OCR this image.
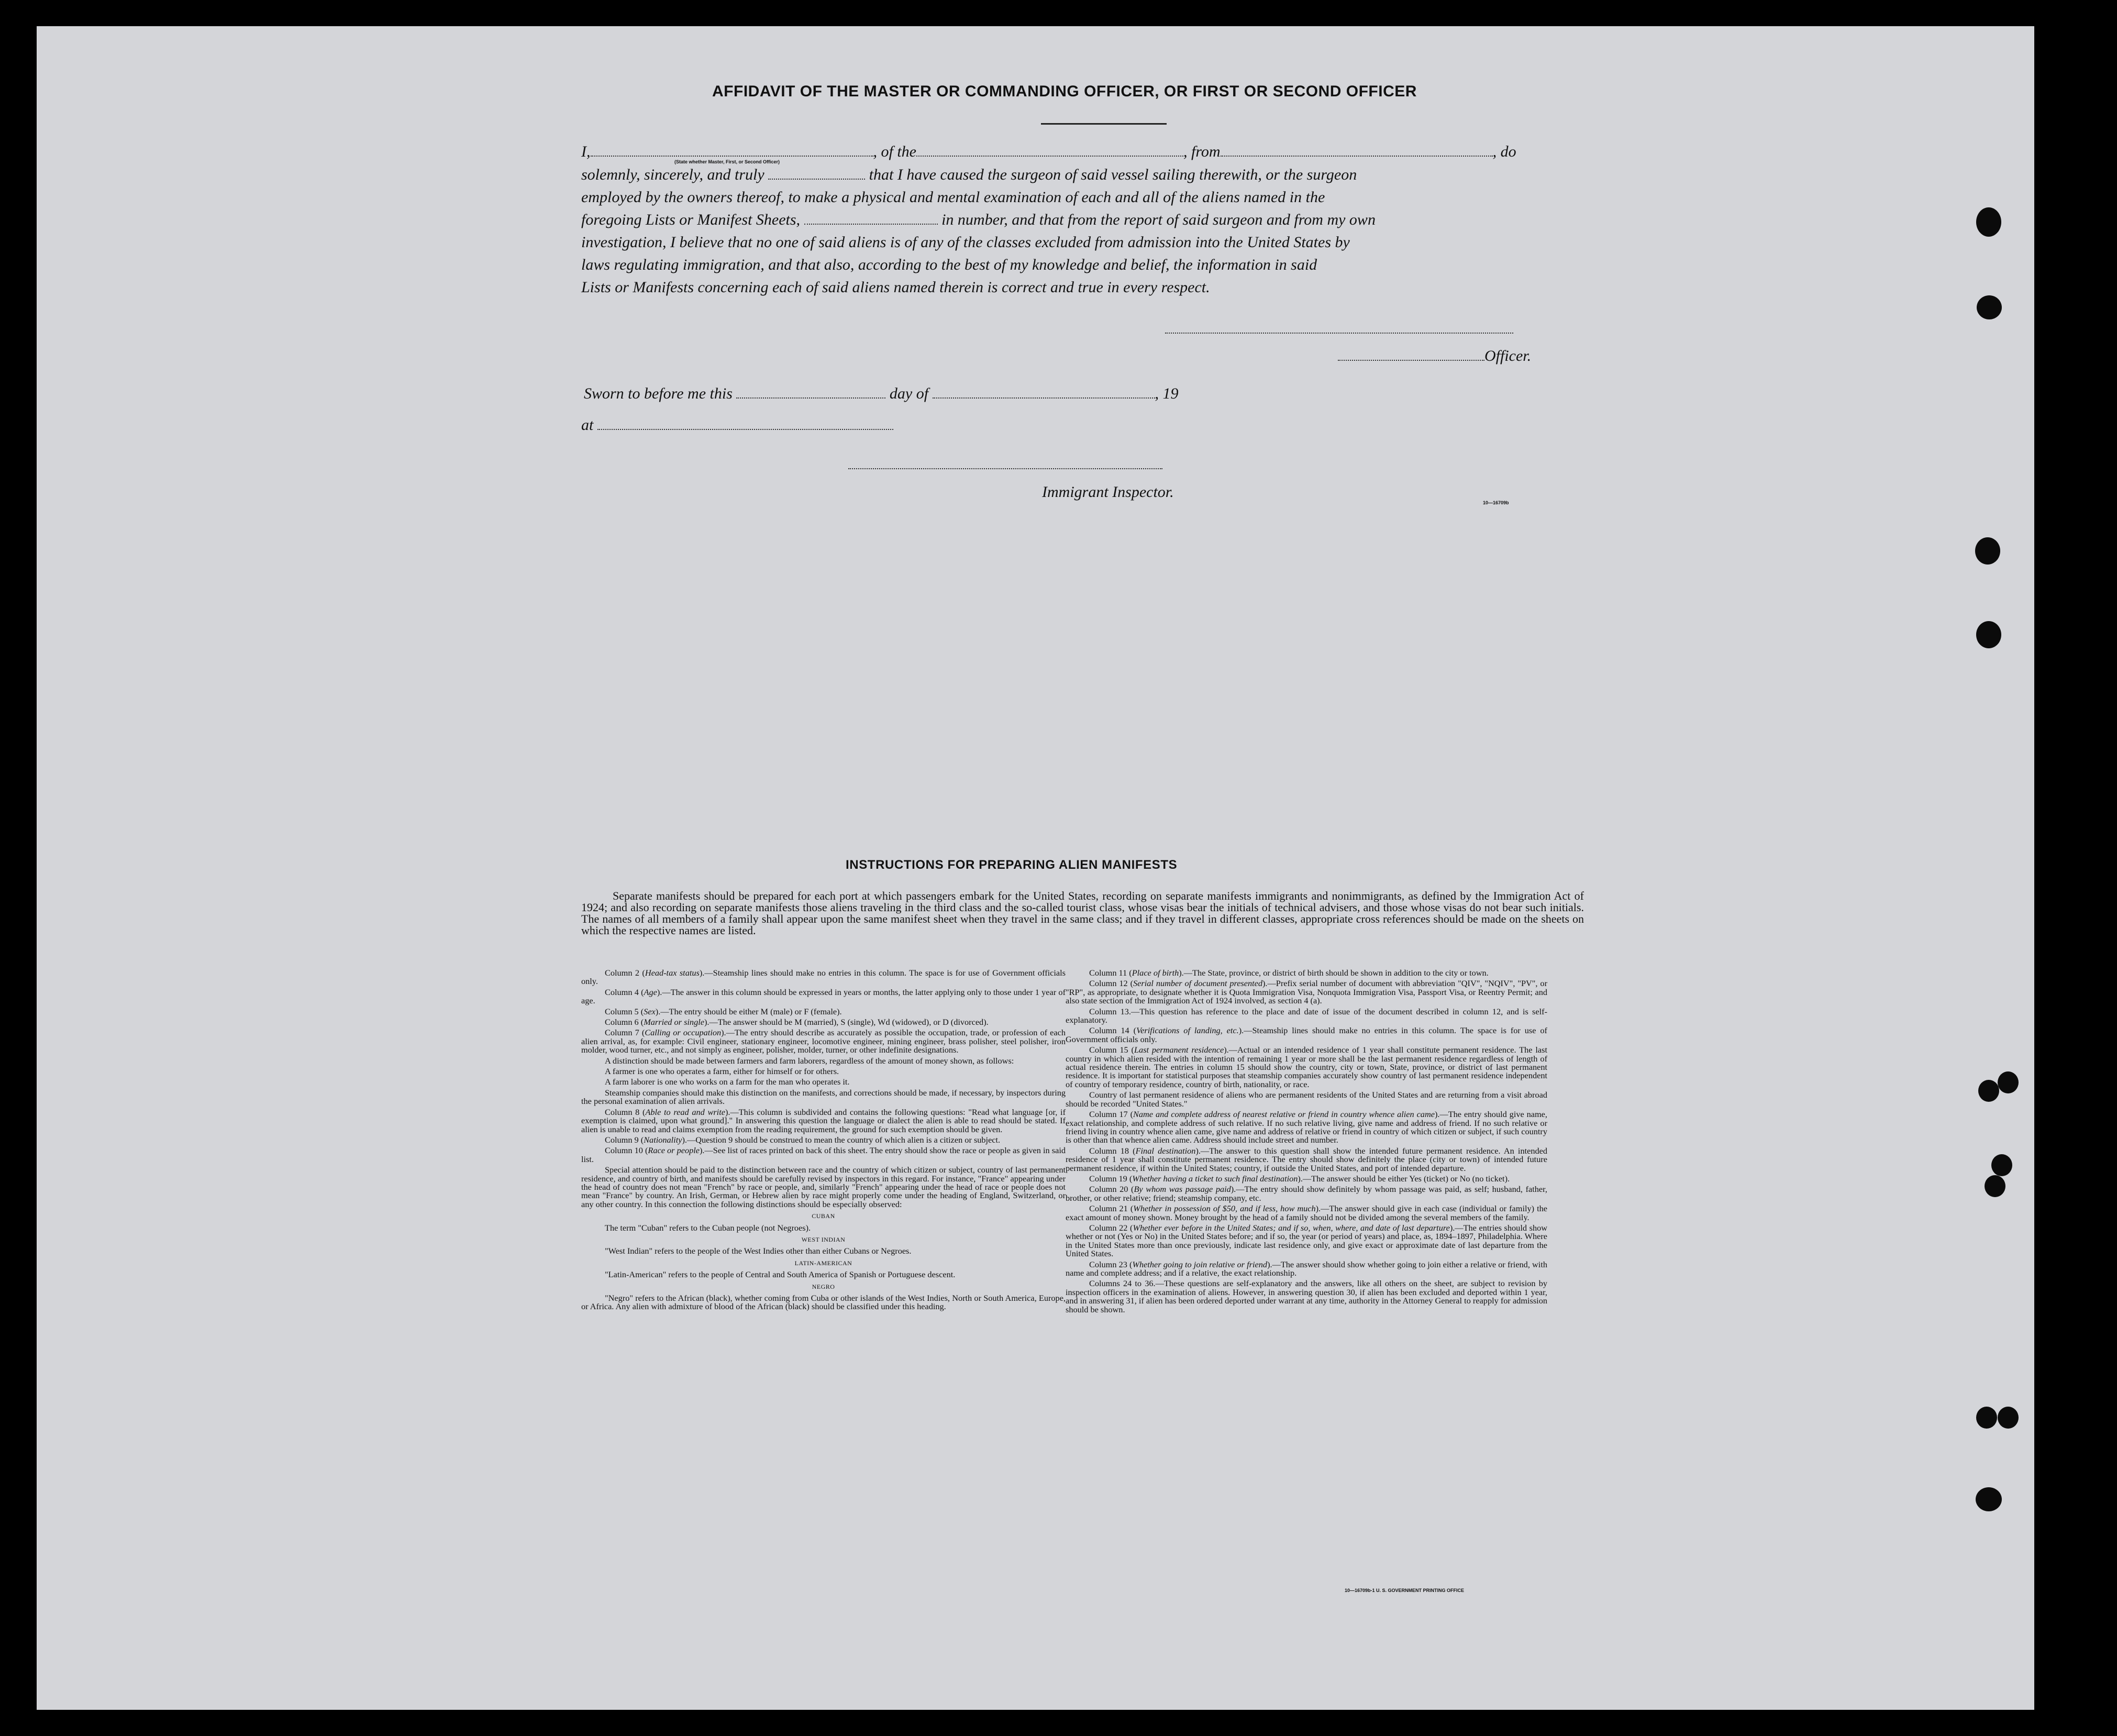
AFFIDAVIT OF THE MASTER OR COMMANDING OFFICER, OR FIRST OR SECOND OFFICER
I,	, of the	, from	, do
(State whether Master, First, or Second Officer)
solemnly, sincerely, and truly	that I have caused the surgeon of said vessel sailing therewith, or the surgeon
employed by the owners thereof, to make a physical and mental examination of each and all of the aliens named in the
foregoing Lists or Manifest Sheets,	in number, and that from the report of said surgeon and from my own
investigation, I believe that no one of said aliens is of any of the classes excluded from admission into the United States by
laws regulating immigration, and that also, according to the best of my knowledge and belief, the information in said
Lists or Manifests concerning each of said aliens named therein is correct and true in every respect.
Officer.
Sworn to before me this	day of	, 19
at
Immigrant Inspector.
10—16709b
INSTRUCTIONS FOR PREPARING ALIEN MANIFESTS
Separate manifests should be prepared for each port at which passengers embark for the United States, recording on separate manifests immigrants and nonimmigrants, as defined by the Immigration Act of 1924; and also recording on separate manifests those aliens traveling in the third class and the so-called tourist class, whose visas bear the initials of technical advisers, and those whose visas do not bear such initials. The names of all members of a family shall appear upon the same manifest sheet when they travel in the same class; and if they travel in different classes, appropriate cross references should be made on the sheets on which the respective names are listed.

Column 2 (Head-tax status).—Steamship lines should make no entries in this column. The space is for use of Government officials only.

Column 4 (Age).—The answer in this column should be expressed in years or months, the latter applying only to those under 1 year of age.

Column 5 (Sex).—The entry should be either M (male) or F (female).

Column 6 (Married or single).—The answer should be M (married), S (single), Wd (widowed), or D (divorced).

Column 7 (Calling or occupation).—The entry should describe as accurately as possible the occupation, trade, or profession of each alien arrival, as, for example: Civil engineer, stationary engineer, locomotive engineer, mining engineer, brass polisher, steel polisher, iron molder, wood turner, etc., and not simply as engineer, polisher, molder, turner, or other indefinite designations.

A distinction should be made between farmers and farm laborers, regardless of the amount of money shown, as follows:

A farmer is one who operates a farm, either for himself or for others.

A farm laborer is one who works on a farm for the man who operates it.

Steamship companies should make this distinction on the manifests, and corrections should be made, if necessary, by inspectors during the personal examination of alien arrivals.

Column 8 (Able to read and write).—This column is subdivided and contains the following questions: "Read what language [or, if exemption is claimed, upon what ground]." In answering this question the language or dialect the alien is able to read should be stated. If alien is unable to read and claims exemption from the reading requirement, the ground for such exemption should be given.

Column 9 (Nationality).—Question 9 should be construed to mean the country of which alien is a citizen or subject.

Column 10 (Race or people).—See list of races printed on back of this sheet. The entry should show the race or people as given in said list.

Special attention should be paid to the distinction between race and the country of which citizen or subject, country of last permanent residence, and country of birth, and manifests should be carefully revised by inspectors in this regard. For instance, "France" appearing under the head of country does not mean "French" by race or people, and, similarly "French" appearing under the head of race or people does not mean "France" by country. An Irish, German, or Hebrew alien by race might properly come under the heading of England, Switzerland, or any other country. In this connection the following distinctions should be especially observed:

CUBAN

The term "Cuban" refers to the Cuban people (not Negroes).

WEST INDIAN

"West Indian" refers to the people of the West Indies other than either Cubans or Negroes.

LATIN-AMERICAN

"Latin-American" refers to the people of Central and South America of Spanish or Portuguese descent.

NEGRO

"Negro" refers to the African (black), whether coming from Cuba or other islands of the West Indies, North or South America, Europe, or Africa. Any alien with admixture of blood of the African (black) should be classified under this heading.

Column 11 (Place of birth).—The State, province, or district of birth should be shown in addition to the city or town.

Column 12 (Serial number of document presented).—Prefix serial number of document with abbreviation "QIV", "NQIV", "PV", or "RP", as appropriate, to designate whether it is Quota Immigration Visa, Nonquota Immigration Visa, Passport Visa, or Reentry Permit; and also state section of the Immigration Act of 1924 involved, as section 4 (a).

Column 13.—This question has reference to the place and date of issue of the document described in column 12, and is self-explanatory.

Column 14 (Verifications of landing, etc.).—Steamship lines should make no entries in this column. The space is for use of Government officials only.

Column 15 (Last permanent residence).—Actual or an intended residence of 1 year shall constitute permanent residence. The last country in which alien resided with the intention of remaining 1 year or more shall be the last permanent residence regardless of length of actual residence therein. The entries in column 15 should show the country, city or town, State, province, or district of last permanent residence. It is important for statistical purposes that steamship companies accurately show country of last permanent residence independent of country of temporary residence, country of birth, nationality, or race.

Country of last permanent residence of aliens who are permanent residents of the United States and are returning from a visit abroad should be recorded "United States."

Column 17 (Name and complete address of nearest relative or friend in country whence alien came).—The entry should give name, exact relationship, and complete address of such relative. If no such relative living, give name and address of friend. If no such relative or friend living in country whence alien came, give name and address of relative or friend in country of which citizen or subject, if such country is other than that whence alien came. Address should include street and number.

Column 18 (Final destination).—The answer to this question shall show the intended future permanent residence. An intended residence of 1 year shall constitute permanent residence. The entry should show definitely the place (city or town) of intended future permanent residence, if within the United States; country, if outside the United States, and port of intended departure.

Column 19 (Whether having a ticket to such final destination).—The answer should be either Yes (ticket) or No (no ticket).

Column 20 (By whom was passage paid).—The entry should show definitely by whom passage was paid, as self; husband, father, brother, or other relative; friend; steamship company, etc.

Column 21 (Whether in possession of $50, and if less, how much).—The answer should give in each case (individual or family) the exact amount of money shown. Money brought by the head of a family should not be divided among the several members of the family.

Column 22 (Whether ever before in the United States; and if so, when, where, and date of last departure).—The entries should show whether or not (Yes or No) in the United States before; and if so, the year (or period of years) and place, as, 1894–1897, Philadelphia. Where in the United States more than once previously, indicate last residence only, and give exact or approximate date of last departure from the United States.

Column 23 (Whether going to join relative or friend).—The answer should show whether going to join either a relative or friend, with name and complete address; and if a relative, the exact relationship.

Columns 24 to 36.—These questions are self-explanatory and the answers, like all others on the sheet, are subject to revision by inspection officers in the examination of aliens. However, in answering question 30, if alien has been excluded and deported within 1 year, and in answering 31, if alien has been ordered deported under warrant at any time, authority in the Attorney General to reapply for admission should be shown.

10—16709b-1 U. S. GOVERNMENT PRINTING OFFICE
